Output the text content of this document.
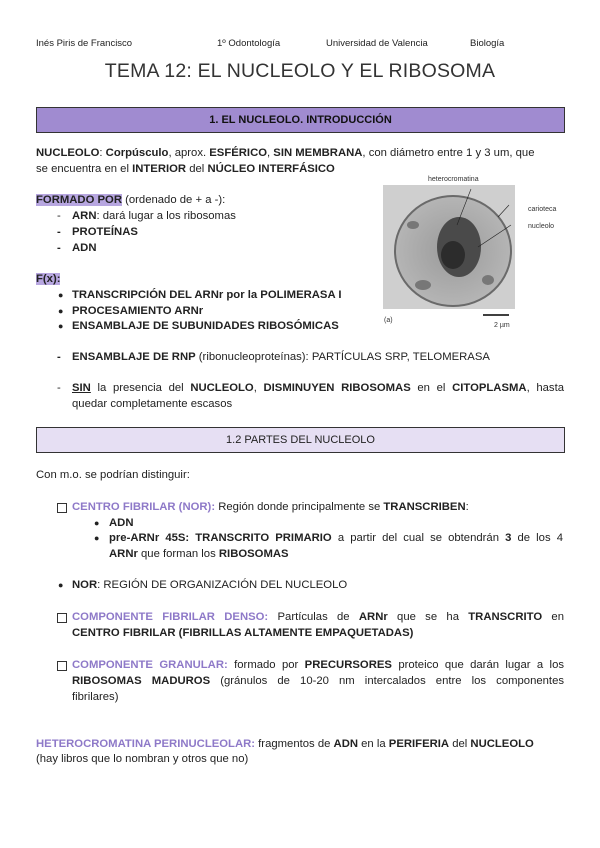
Inés Piris de Francisco	1º Odontología	Universidad de Valencia	Biología
TEMA 12: EL NUCLEOLO Y EL RIBOSOMA
1. EL NUCLEOLO. INTRODUCCIÓN
NUCLEOLO: Corpúsculo, aprox. ESFÉRICO, SIN MEMBRANA, con diámetro entre 1 y 3 um, que
se encuentra en el INTERIOR del NÚCLEO INTERFÁSICO
FORMADO POR (ordenado de + a -):
- ARN: dará lugar a los ribosomas
- PROTEÍNAS
- ADN
F(x):
● TRANSCRIPCIÓN DEL ARNr por la POLIMERASA I
● PROCESAMIENTO ARNr
● ENSAMBLAJE DE SUBUNIDADES RIBOSÓMICAS
- ENSAMBLAJE DE RNP (ribonucleoproteínas): PARTÍCULAS SRP, TELOMERASA
- SIN la presencia del NUCLEOLO, DISMINUYEN RIBOSOMAS en el CITOPLASMA, hasta
quedar completamente escasos
heterocromatina
carioteca
nucleolo
2 µm
(a)
1.2 PARTES DEL NUCLEOLO
Con m.o. se podrían distinguir:
CENTRO FIBRILAR (NOR): Región donde principalmente se TRANSCRIBEN:
● ADN
● pre-ARNr 45S: TRANSCRITO PRIMARIO a partir del cual se obtendrán 3 de los 4
ARNr que forman los RIBOSOMAS
● NOR: REGIÓN DE ORGANIZACIÓN DEL NUCLEOLO
COMPONENTE FIBRILAR DENSO: Partículas de ARNr que se ha TRANSCRITO en
CENTRO FIBRILAR (FIBRILLAS ALTAMENTE EMPAQUETADAS)
COMPONENTE GRANULAR: formado por PRECURSORES proteico que darán lugar a los
RIBOSOMAS MADUROS (gránulos de 10-20 nm intercalados entre los componentes
fibrilares)
HETEROCROMATINA PERINUCLEOLAR: fragmentos de ADN en la PERIFERIA del NUCLEOLO
(hay libros que lo nombran y otros que no)
